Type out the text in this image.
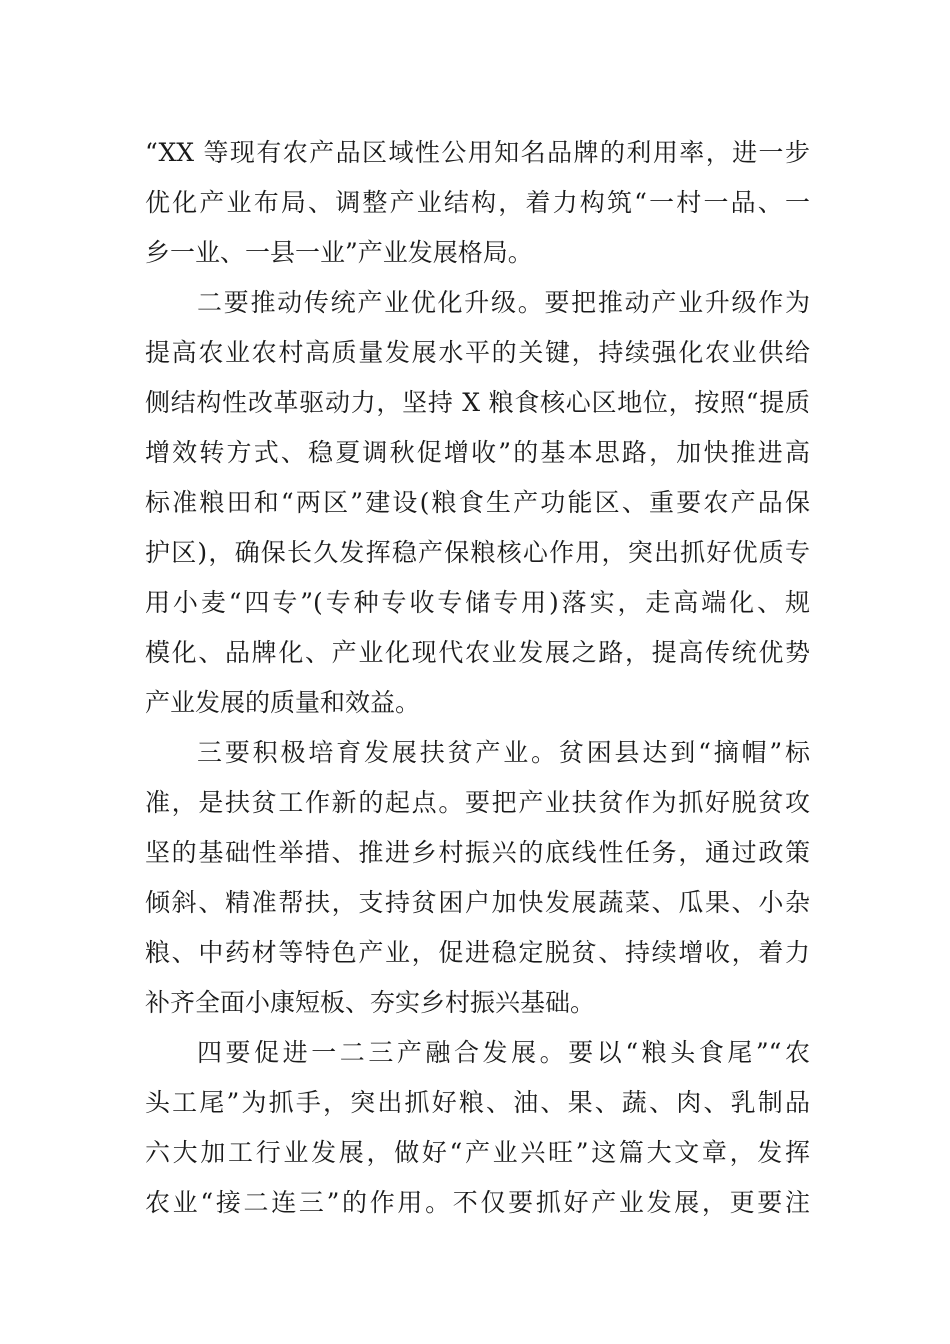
“XX 等现有农产品区域性公用知名品牌的利用率，进一步
优化产业布局、调整产业结构，着力构筑“一村一品、一
乡一业、一县一业”产业发展格局。
二要推动传统产业优化升级。要把推动产业升级作为
提高农业农村高质量发展水平的关键，持续强化农业供给
侧结构性改革驱动力，坚持 X 粮食核心区地位，按照“提质
增效转方式、稳夏调秋促增收”的基本思路，加快推进高
标准粮田和“两区”建设(粮食生产功能区、重要农产品保
护区)，确保长久发挥稳产保粮核心作用，突出抓好优质专
用小麦“四专”(专种专收专储专用)落实，走高端化、规
模化、品牌化、产业化现代农业发展之路，提高传统优势
产业发展的质量和效益。
三要积极培育发展扶贫产业。贫困县达到“摘帽”标
准，是扶贫工作新的起点。要把产业扶贫作为抓好脱贫攻
坚的基础性举措、推进乡村振兴的底线性任务，通过政策
倾斜、精准帮扶，支持贫困户加快发展蔬菜、瓜果、小杂
粮、中药材等特色产业，促进稳定脱贫、持续增收，着力
补齐全面小康短板、夯实乡村振兴基础。
四要促进一二三产融合发展。要以“粮头食尾”“农
头工尾”为抓手，突出抓好粮、油、果、蔬、肉、乳制品
六大加工行业发展，做好“产业兴旺”这篇大文章，发挥
农业“接二连三”的作用。不仅要抓好产业发展，更要注
